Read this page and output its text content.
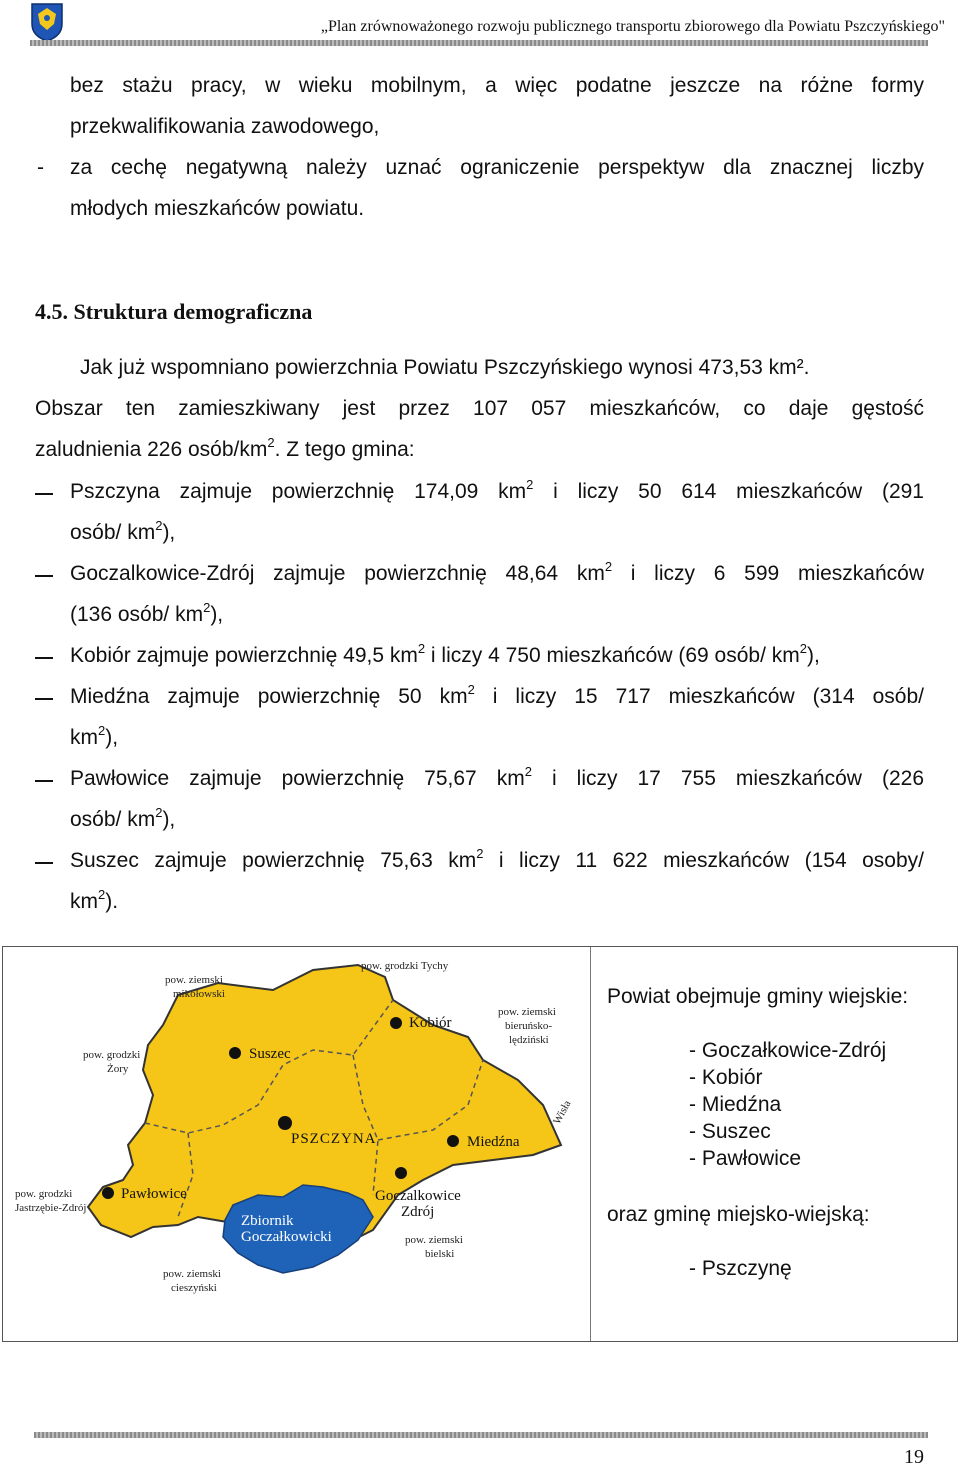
„Plan zrównoważonego rozwoju publicznego transportu zbiorowego dla Powiatu Pszczyńskiego"
bez stażu pracy, w wieku mobilnym, a więc podatne jeszcze na różne formy
przekwalifikowania zawodowego,
- za cechę negatywną należy uznać ograniczenie perspektyw dla znacznej liczby
młodych mieszkańców powiatu.
4.5. Struktura demograficzna
Jak już wspomniano powierzchnia Powiatu Pszczyńskiego wynosi 473,53 km².
Obszar ten zamieszkiwany jest przez 107 057 mieszkańców, co daje gęstość
zaludnienia 226 osób/$km^2$. Z tego gmina:
Pszczyna zajmuje powierzchnię 174,09 $km^2$ i liczy 50 614 mieszkańców (291
osób/ $km^2$),
Goczalkowice-Zdrój zajmuje powierzchnię 48,64 $km^2$ i liczy 6 599 mieszkańców
(136 osób/ $km^2$),
Kobiór zajmuje powierzchnię 49,5 $km^2$ i liczy 4 750 mieszkańców (69 osób/ $km^2$),
Miedźna zajmuje powierzchnię 50 $km^2$ i liczy 15 717 mieszkańców (314 osób/
$km^2$),
Pawłowice zajmuje powierzchnię 75,67 $km^2$ i liczy 17 755 mieszkańców (226
osób/ $km^2$),
Suszec zajmuje powierzchnię 75,63 $km^2$ i liczy 11 622 mieszkańców (154 osoby/
$km^2$).
pow. grodzki Tychy
pow. ziemski
mikołowski
pow. ziemski
bieruńsko-
lędziński
pow. grodzki
Żory
pow. grodzki
Jastrzębie-Zdrój
pow. ziemski
bielski
pow. ziemski
cieszyński
Kobiór
Suszec
PSZCZYNA	Miedźna
Pawłowice	Goczalkowice
Zdrój
Zbiornik
Goczałkowicki
Wisła
Powiat obejmuje gminy wiejskie:
- Goczałkowice-Zdrój
- Kobiór
- Miedźna
- Suszec
- Pawłowice
oraz gminę miejsko-wiejską:
- Pszczynę
19
